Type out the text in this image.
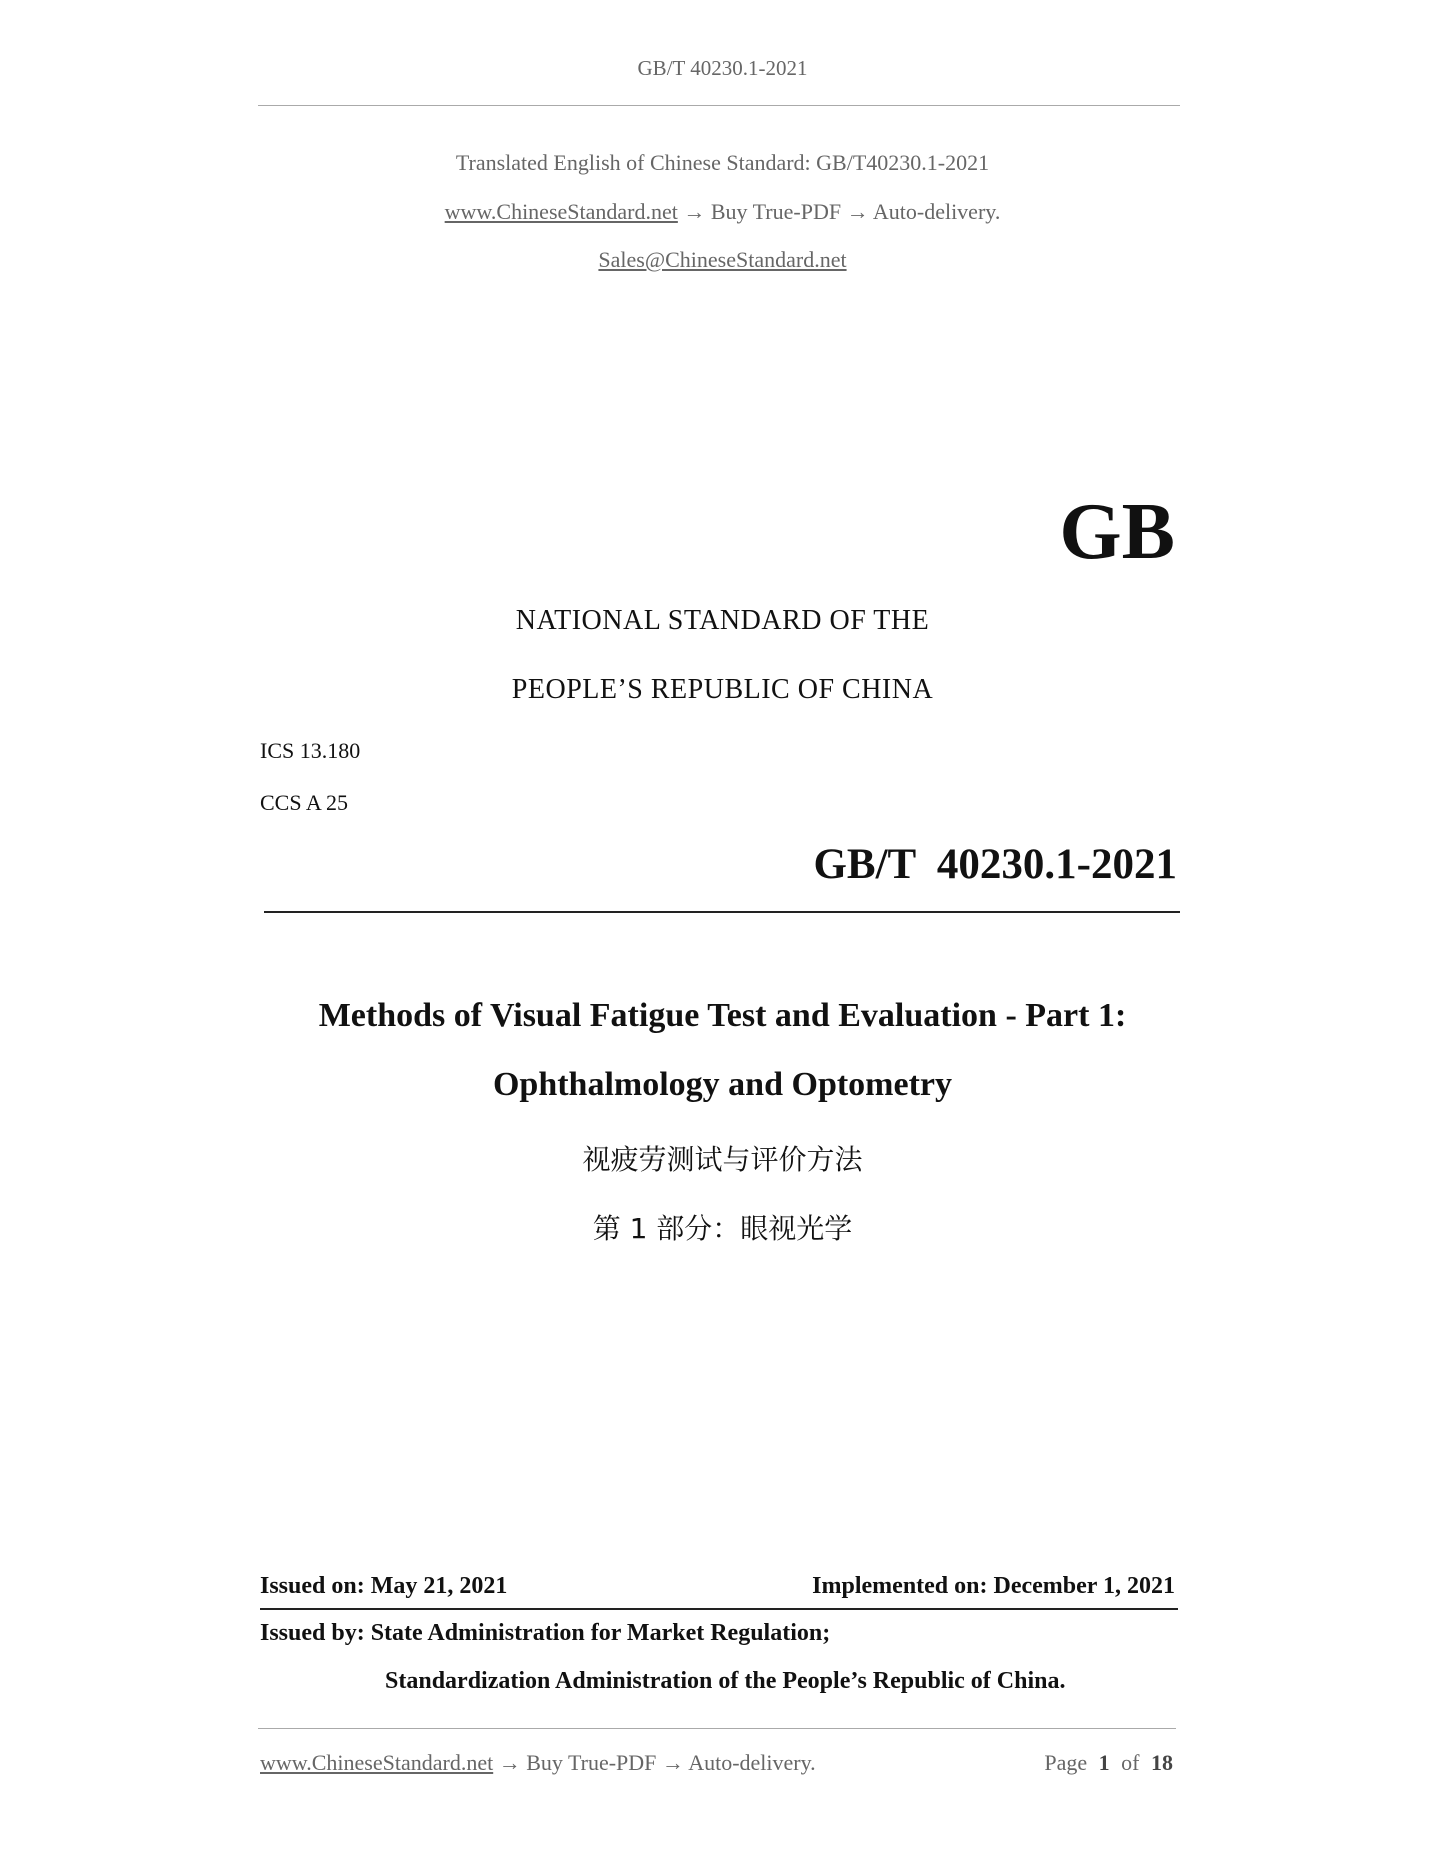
GB/T 40230.1-2021
Translated English of Chinese Standard: GB/T40230.1-2021
www.ChineseStandard.net → Buy True-PDF → Auto-delivery.
Sales@ChineseStandard.net
GB
NATIONAL STANDARD OF THE
PEOPLE’S REPUBLIC OF CHINA
ICS 13.180
CCS A 25
GB/T  40230.1-2021
Methods of Visual Fatigue Test and Evaluation - Part 1:
Ophthalmology and Optometry
视疲劳测试与评价方法
第 1 部分：眼视光学
Issued on: May 21, 2021	Implemented on: December 1, 2021
Issued by: State Administration for Market Regulation;
Standardization Administration of the People’s Republic of China.
www.ChineseStandard.net → Buy True-PDF → Auto-delivery.	Page 1 of 18
